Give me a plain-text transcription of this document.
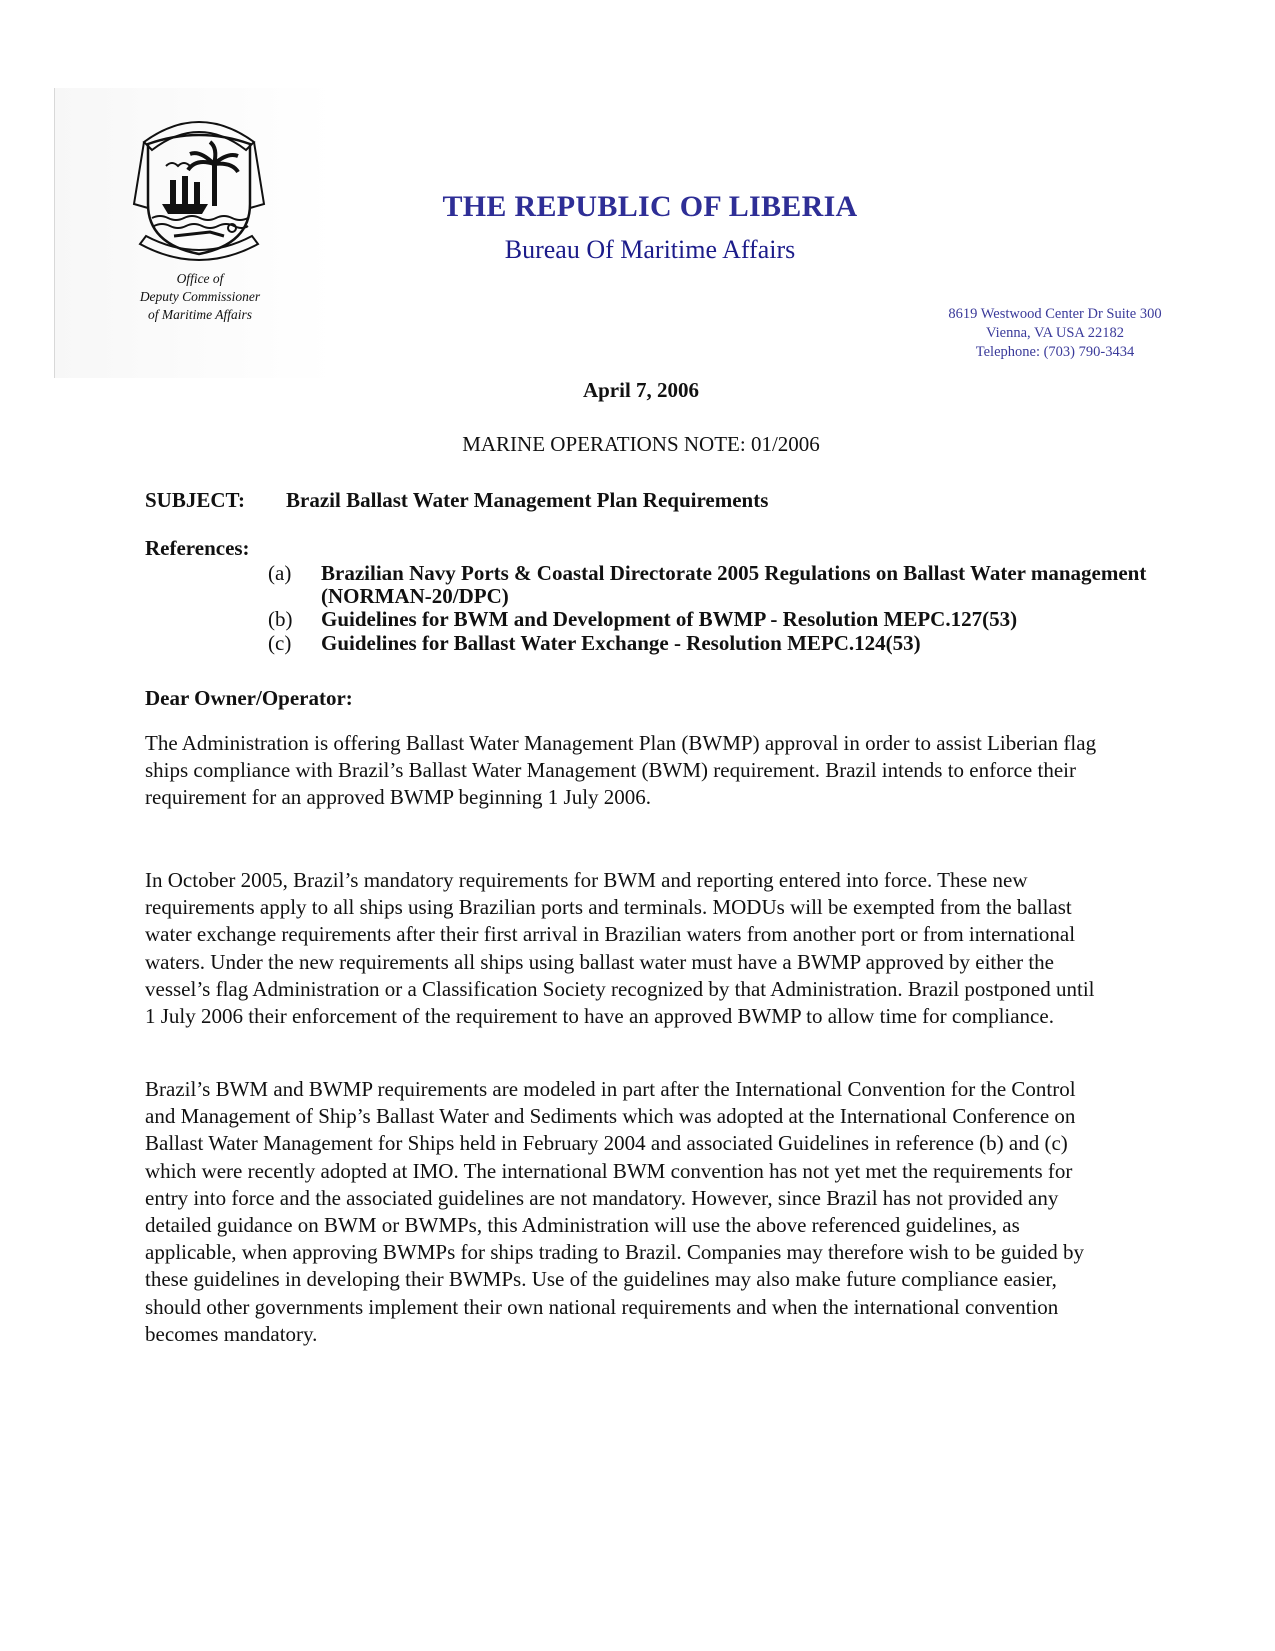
Office of
Deputy Commissioner
of Maritime Affairs
THE REPUBLIC OF LIBERIA
Bureau Of Maritime Affairs
8619 Westwood Center Dr Suite 300
Vienna, VA USA 22182
Telephone: (703) 790-3434
April 7, 2006
MARINE OPERATIONS NOTE: 01/2006
SUBJECT: Brazil Ballast Water Management Plan Requirements
References:
(a) Brazilian Navy Ports & Coastal Directorate 2005 Regulations on Ballast Water management (NORMAN-20/DPC)
(b) Guidelines for BWM and Development of BWMP - Resolution MEPC.127(53)
(c) Guidelines for Ballast Water Exchange - Resolution MEPC.124(53)
Dear Owner/Operator:

The Administration is offering Ballast Water Management Plan (BWMP) approval in order to assist Liberian flag ships compliance with Brazil’s Ballast Water Management (BWM) requirement. Brazil intends to enforce their requirement for an approved BWMP beginning 1 July 2006.

In October 2005, Brazil’s mandatory requirements for BWM and reporting entered into force. These new requirements apply to all ships using Brazilian ports and terminals. MODUs will be exempted from the ballast water exchange requirements after their first arrival in Brazilian waters from another port or from international waters. Under the new requirements all ships using ballast water must have a BWMP approved by either the vessel’s flag Administration or a Classification Society recognized by that Administration. Brazil postponed until 1 July 2006 their enforcement of the requirement to have an approved BWMP to allow time for compliance.

Brazil’s BWM and BWMP requirements are modeled in part after the International Convention for the Control and Management of Ship’s Ballast Water and Sediments which was adopted at the International Conference on Ballast Water Management for Ships held in February 2004 and associated Guidelines in reference (b) and (c) which were recently adopted at IMO. The international BWM convention has not yet met the requirements for entry into force and the associated guidelines are not mandatory. However, since Brazil has not provided any detailed guidance on BWM or BWMPs, this Administration will use the above referenced guidelines, as applicable, when approving BWMPs for ships trading to Brazil. Companies may therefore wish to be guided by these guidelines in developing their BWMPs. Use of the guidelines may also make future compliance easier, should other governments implement their own national requirements and when the international convention becomes mandatory.
